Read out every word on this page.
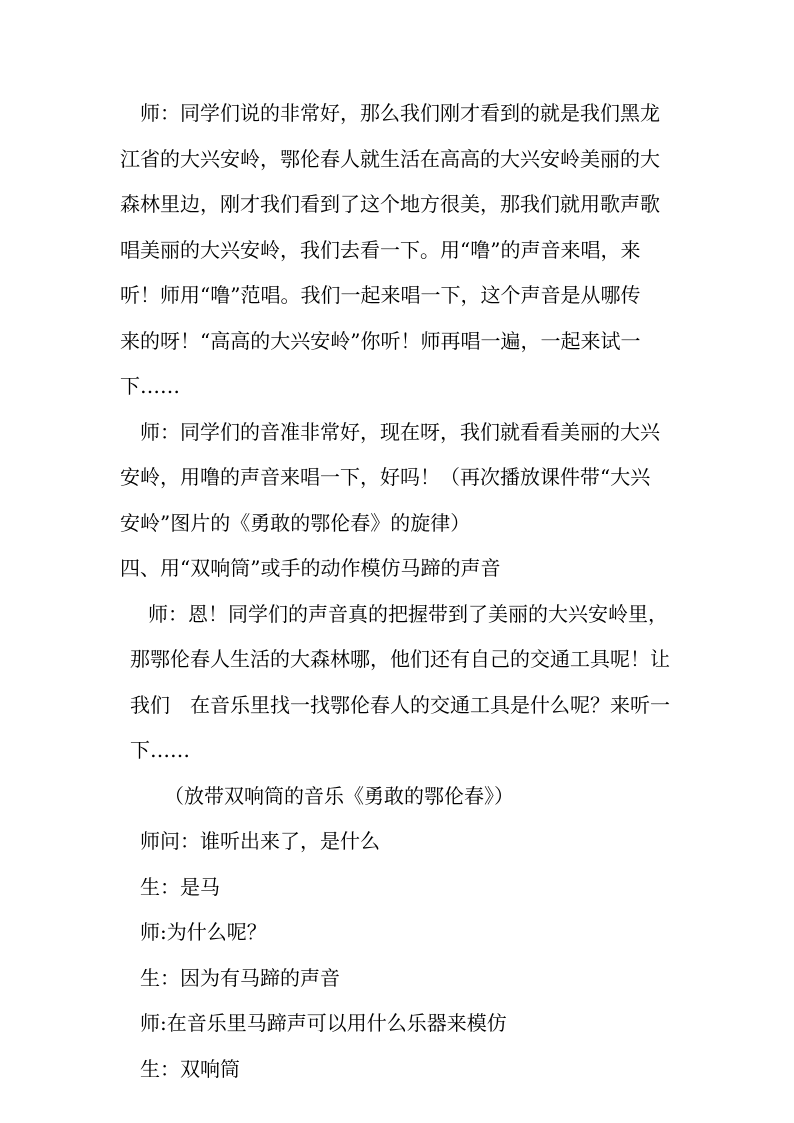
师：同学们说的非常好，那么我们刚才看到的就是我们黑龙
江省的大兴安岭，鄂伦春人就生活在高高的大兴安岭美丽的大
森林里边，刚才我们看到了这个地方很美，那我们就用歌声歌
唱美丽的大兴安岭，我们去看一下。用“噜”的声音来唱，来
听！师用“噜”范唱。我们一起来唱一下，这个声音是从哪传
来的呀！“高高的大兴安岭”你听！师再唱一遍，一起来试一
下……
师：同学们的音准非常好，现在呀，我们就看看美丽的大兴
安岭，用噜的声音来唱一下，好吗！（再次播放课件带“大兴
安岭”图片的《勇敢的鄂伦春》的旋律）
四、用“双响筒”或手的动作模仿马蹄的声音
师：恩！同学们的声音真的把握带到了美丽的大兴安岭里，
那鄂伦春人生活的大森林哪，他们还有自己的交通工具呢！让
我们　在音乐里找一找鄂伦春人的交通工具是什么呢？来听一
下……
（放带双响筒的音乐《勇敢的鄂伦春》）
师问：谁听出来了，是什么
生：是马
师:为什么呢？
生：因为有马蹄的声音
师:在音乐里马蹄声可以用什么乐器来模仿
生：双响筒
